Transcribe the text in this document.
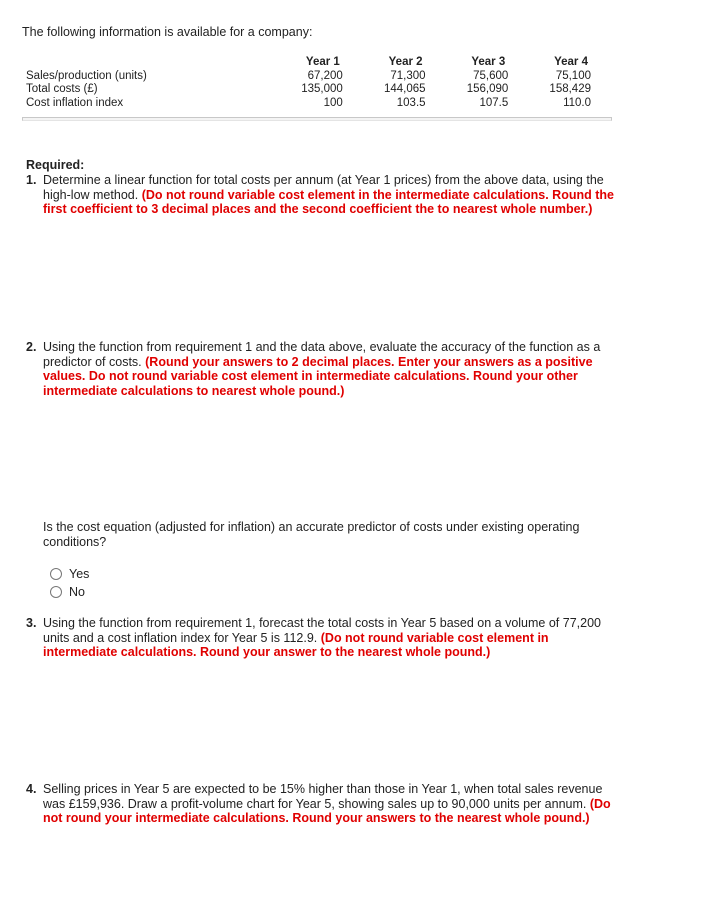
The following information is available for a company:
	Year 1	Year 2	Year 3	Year 4
Sales/production (units)	67,200	71,300	75,600	75,100
Total costs (£)	135,000	144,065	156,090	158,429
Cost inflation index	100	103.5	107.5	110.0
Required:
1. Determine a linear function for total costs per annum (at Year 1 prices) from the above data, using the high-low method. (Do not round variable cost element in the intermediate calculations. Round the first coefficient to 3 decimal places and the second coefficient the to nearest whole number.)
2. Using the function from requirement 1 and the data above, evaluate the accuracy of the function as a predictor of costs. (Round your answers to 2 decimal places. Enter your answers as a positive values. Do not round variable cost element in intermediate calculations. Round your other intermediate calculations to nearest whole pound.)
Is the cost equation (adjusted for inflation) an accurate predictor of costs under existing operating conditions?
Yes
No
3. Using the function from requirement 1, forecast the total costs in Year 5 based on a volume of 77,200 units and a cost inflation index for Year 5 is 112.9. (Do not round variable cost element in intermediate calculations. Round your answer to the nearest whole pound.)
4. Selling prices in Year 5 are expected to be 15% higher than those in Year 1, when total sales revenue was £159,936. Draw a profit-volume chart for Year 5, showing sales up to 90,000 units per annum. (Do not round your intermediate calculations. Round your answers to the nearest whole pound.)
